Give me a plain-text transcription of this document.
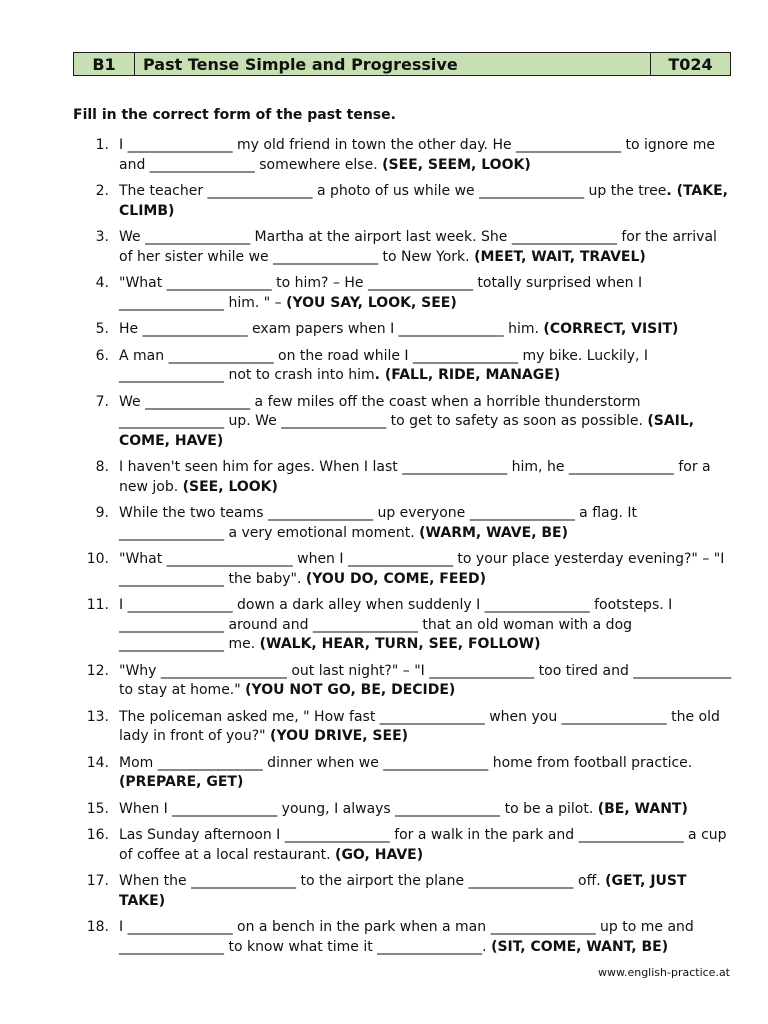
B1	Past Tense Simple and Progressive	T024
Fill in the correct form of the past tense.
1. I _______________ my old friend in town the other day. He _______________ to ignore me and _______________ somewhere else. (SEE, SEEM, LOOK)
2. The teacher _______________ a photo of us while we _______________ up the tree. (TAKE, CLIMB)
3. We _______________ Martha at the airport last week. She _______________ for the arrival of her sister while we _______________ to New York. (MEET, WAIT, TRAVEL)
4. "What _______________ to him? – He _______________ totally surprised when I _______________ him. " – (YOU SAY, LOOK, SEE)
5. He _______________ exam papers when I _______________ him. (CORRECT, VISIT)
6. A man _______________ on the road while I _______________ my bike. Luckily, I _______________ not to crash into him. (FALL, RIDE, MANAGE)
7. We _______________ a few miles off the coast when a horrible thunderstorm _______________ up. We _______________ to get to safety as soon as possible. (SAIL, COME, HAVE)
8. I haven't seen him for ages. When I last _______________ him, he _______________ for a new job. (SEE, LOOK)
9. While the two teams _______________ up everyone _______________ a flag. It _______________ a very emotional moment. (WARM, WAVE, BE)
10. "What __________________ when I _______________ to your place yesterday evening?" – "I _______________ the baby". (YOU DO, COME, FEED)
11. I _______________ down a dark alley when suddenly I _______________ footsteps. I _______________ around and _______________ that an old woman with a dog _______________ me. (WALK, HEAR, TURN, SEE, FOLLOW)
12. "Why __________________ out last night?" – "I _______________ too tired and ______________ to stay at home." (YOU NOT GO, BE, DECIDE)
13. The policeman asked me, " How fast _______________ when you _______________ the old lady in front of you?" (YOU DRIVE, SEE)
14. Mom _______________ dinner when we _______________ home from football practice. (PREPARE, GET)
15. When I _______________ young, I always _______________ to be a pilot. (BE, WANT)
16. Las Sunday afternoon I _______________ for a walk in the park and _______________ a cup of coffee at a local restaurant. (GO, HAVE)
17. When the _______________ to the airport the plane _______________ off. (GET, JUST TAKE)
18. I _______________ on a bench in the park when a man _______________ up to me and _______________ to know what time it _______________. (SIT, COME, WANT, BE)
www.english-practice.at
